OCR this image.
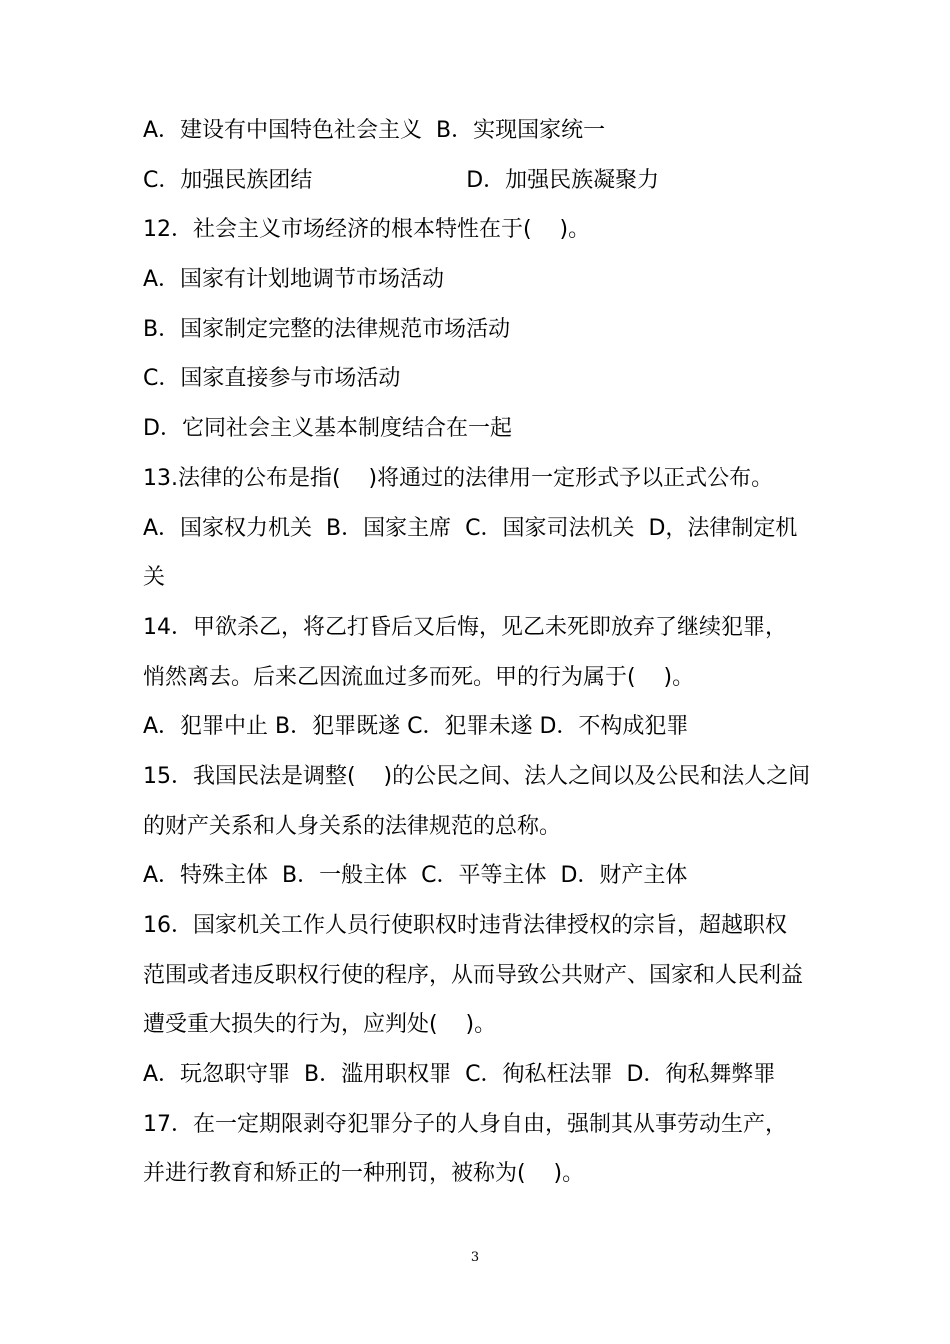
A．建设有中国特色社会主义  B．实现国家统一
C．加强民族团结                      D．加强民族凝聚力
12．社会主义市场经济的根本特性在于(    )。
A．国家有计划地调节市场活动
B．国家制定完整的法律规范市场活动
C．国家直接参与市场活动
D．它同社会主义基本制度结合在一起
13.法律的公布是指(    )将通过的法律用一定形式予以正式公布。
A．国家权力机关  B．国家主席  C．国家司法机关  D，法律制定机
关
14．甲欲杀乙，将乙打昏后又后悔，见乙未死即放弃了继续犯罪，
悄然离去。后来乙因流血过多而死。甲的行为属于(    )。
A．犯罪中止 B．犯罪既遂 C．犯罪未遂 D．不构成犯罪
15．我国民法是调整(    )的公民之间、法人之间以及公民和法人之间
的财产关系和人身关系的法律规范的总称。
A．特殊主体  B．一般主体  C．平等主体  D．财产主体
16．国家机关工作人员行使职权时违背法律授权的宗旨，超越职权
范围或者违反职权行使的程序，从而导致公共财产、国家和人民利益
遭受重大损失的行为，应判处(    )。
A．玩忽职守罪  B．滥用职权罪  C．徇私枉法罪  D．徇私舞弊罪
17．在一定期限剥夺犯罪分子的人身自由，强制其从事劳动生产，
并进行教育和矫正的一种刑罚，被称为(    )。
3
